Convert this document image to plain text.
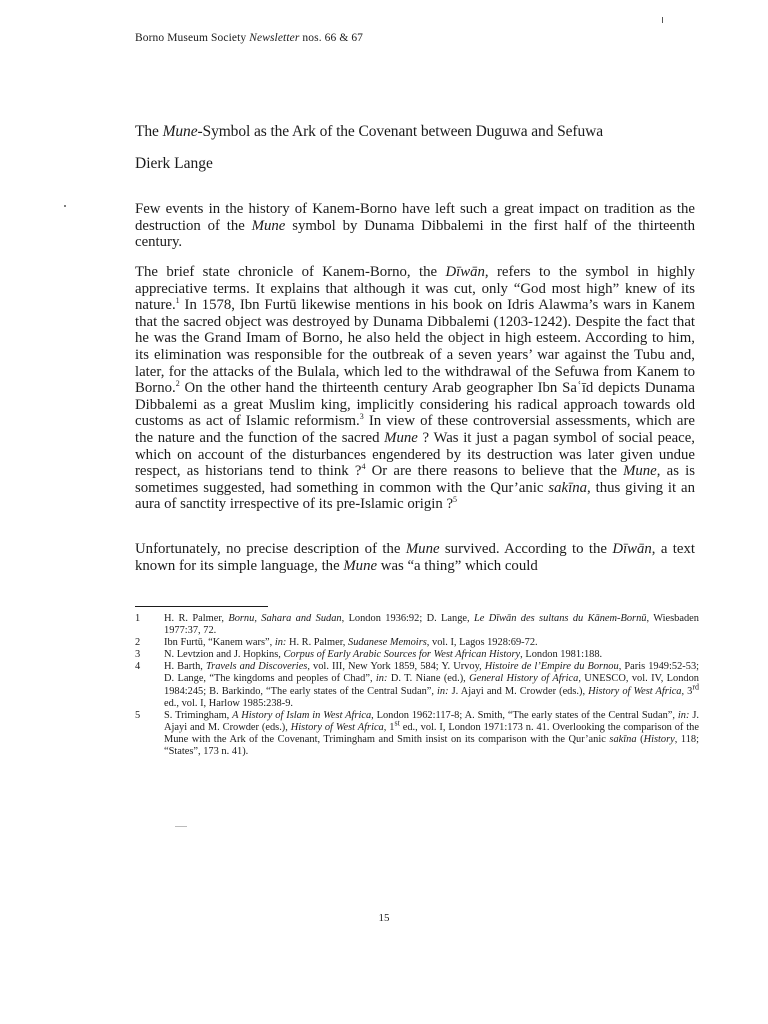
Borno Museum Society Newsletter nos. 66 & 67
The Mune-Symbol as the Ark of the Covenant between Duguwa and Sefuwa
Dierk Lange

Few events in the history of Kanem-Borno have left such a great impact on tradition as the destruction of the Mune symbol by Dunama Dibbalemi in the first half of the thirteenth century.

The brief state chronicle of Kanem-Borno, the Dīwān, refers to the symbol in highly appreciative terms. It explains that although it was cut, only “God most high” knew of its nature.$^1$ In 1578, Ibn Furtū likewise mentions in his book on Idris Alawma’s wars in Kanem that the sacred object was destroyed by Dunama Dibbalemi (1203-1242). Despite the fact that he was the Grand Imam of Borno, he also held the object in high esteem. According to him, its elimination was responsible for the outbreak of a seven years’ war against the Tubu and, later, for the attacks of the Bulala, which led to the withdrawal of the Sefuwa from Kanem to Borno.$^2$ On the other hand the thirteenth century Arab geographer Ibn Saʿīd depicts Dunama Dibbalemi as a great Muslim king, implicitly considering his radical approach towards old customs as act of Islamic reformism.$^3$ In view of these controversial assessments, which are the nature and the function of the sacred Mune ? Was it just a pagan symbol of social peace, which on account of the disturbances engendered by its destruction was later given undue respect, as historians tend to think ?$^4$ Or are there reasons to believe that the Mune, as is sometimes suggested, had something in common with the Qur’anic sakīna, thus giving it an aura of sanctity irrespective of its pre-Islamic origin ?$^5$

Unfortunately, no precise description of the Mune survived. According to the Dīwān, a text known for its simple language, the Mune was “a thing” which could

1 H. R. Palmer, Bornu, Sahara and Sudan, London 1936:92; D. Lange, Le Dīwān des sultans du Kānem-Bornū, Wiesbaden 1977:37, 72.
2 Ibn Furtū, “Kanem wars”, in: H. R. Palmer, Sudanese Memoirs, vol. I, Lagos 1928:69-72.
3 N. Levtzion and J. Hopkins, Corpus of Early Arabic Sources for West African History, London 1981:188.
4 H. Barth, Travels and Discoveries, vol. III, New York 1859, 584; Y. Urvoy, Histoire de l’Empire du Bornou, Paris 1949:52-53; D. Lange, “The kingdoms and peoples of Chad”, in: D. T. Niane (ed.), General History of Africa, UNESCO, vol. IV, London 1984:245; B. Barkindo, “The early states of the Central Sudan”, in: J. Ajayi and M. Crowder (eds.), History of West Africa, 3rd ed., vol. I, Harlow 1985:238-9.
5 S. Trimingham, A History of Islam in West Africa, London 1962:117-8; A. Smith, “The early states of the Central Sudan”, in: J. Ajayi and M. Crowder (eds.), History of West Africa, 1st ed., vol. I, London 1971:173 n. 41. Overlooking the comparison of the Mune with the Ark of the Covenant, Trimingham and Smith insist on its comparison with the Qur’anic sakīna (History, 118; “States”, 173 n. 41).
15
